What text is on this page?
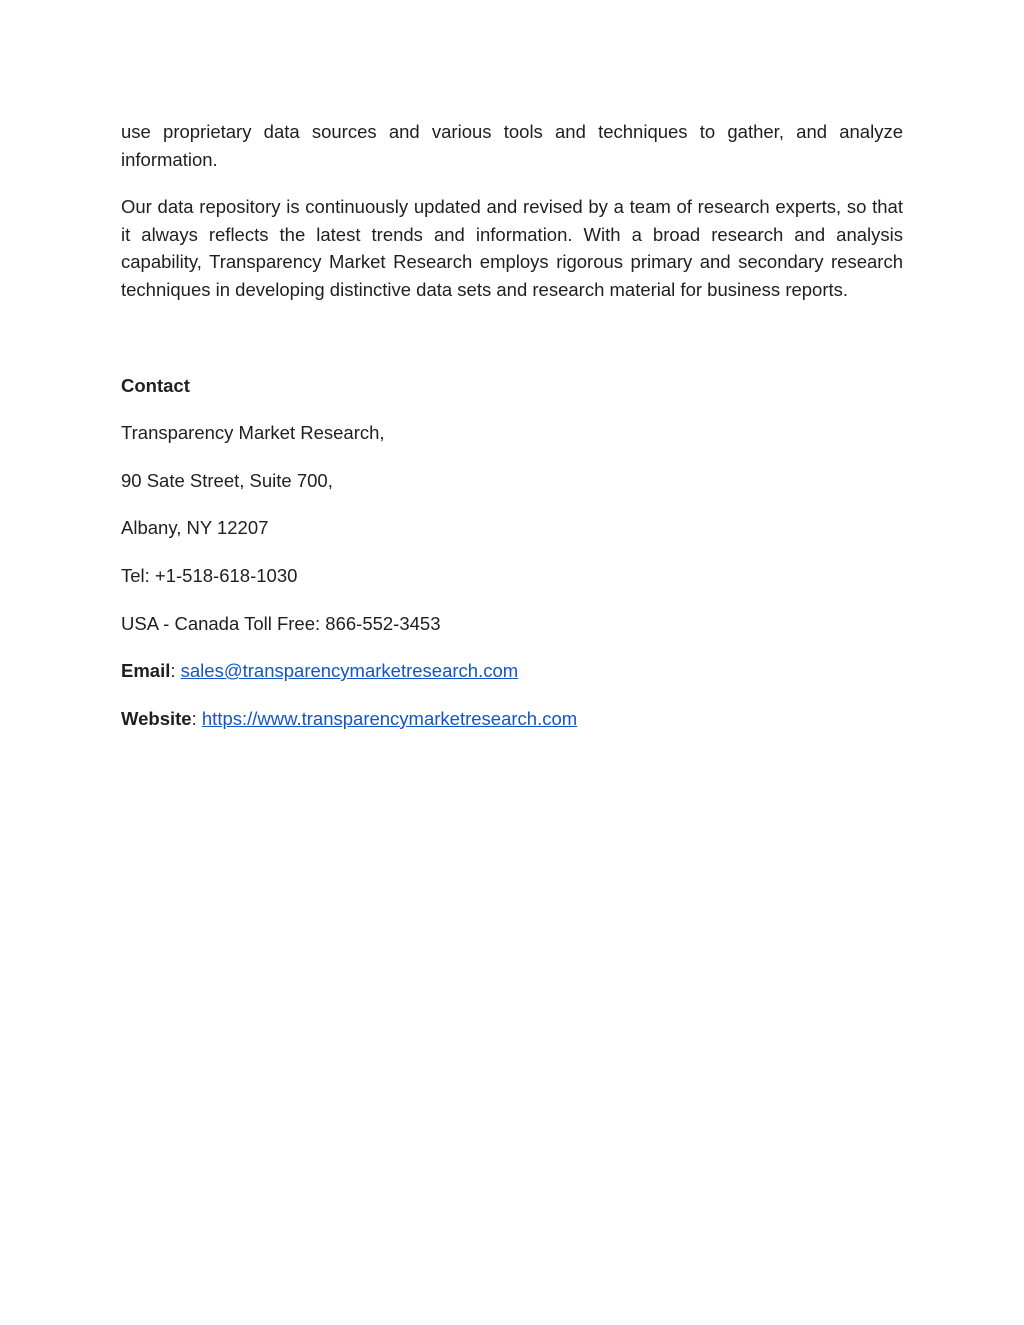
use proprietary data sources and various tools and techniques to gather, and analyze information.

Our data repository is continuously updated and revised by a team of research experts, so that it always reflects the latest trends and information. With a broad research and analysis capability, Transparency Market Research employs rigorous primary and secondary research techniques in developing distinctive data sets and research material for business reports.

Contact

Transparency Market Research,

90 Sate Street, Suite 700,

Albany, NY 12207

Tel: +1-518-618-1030

USA - Canada Toll Free: 866-552-3453

Email: sales@transparencymarketresearch.com

Website: https://www.transparencymarketresearch.com
